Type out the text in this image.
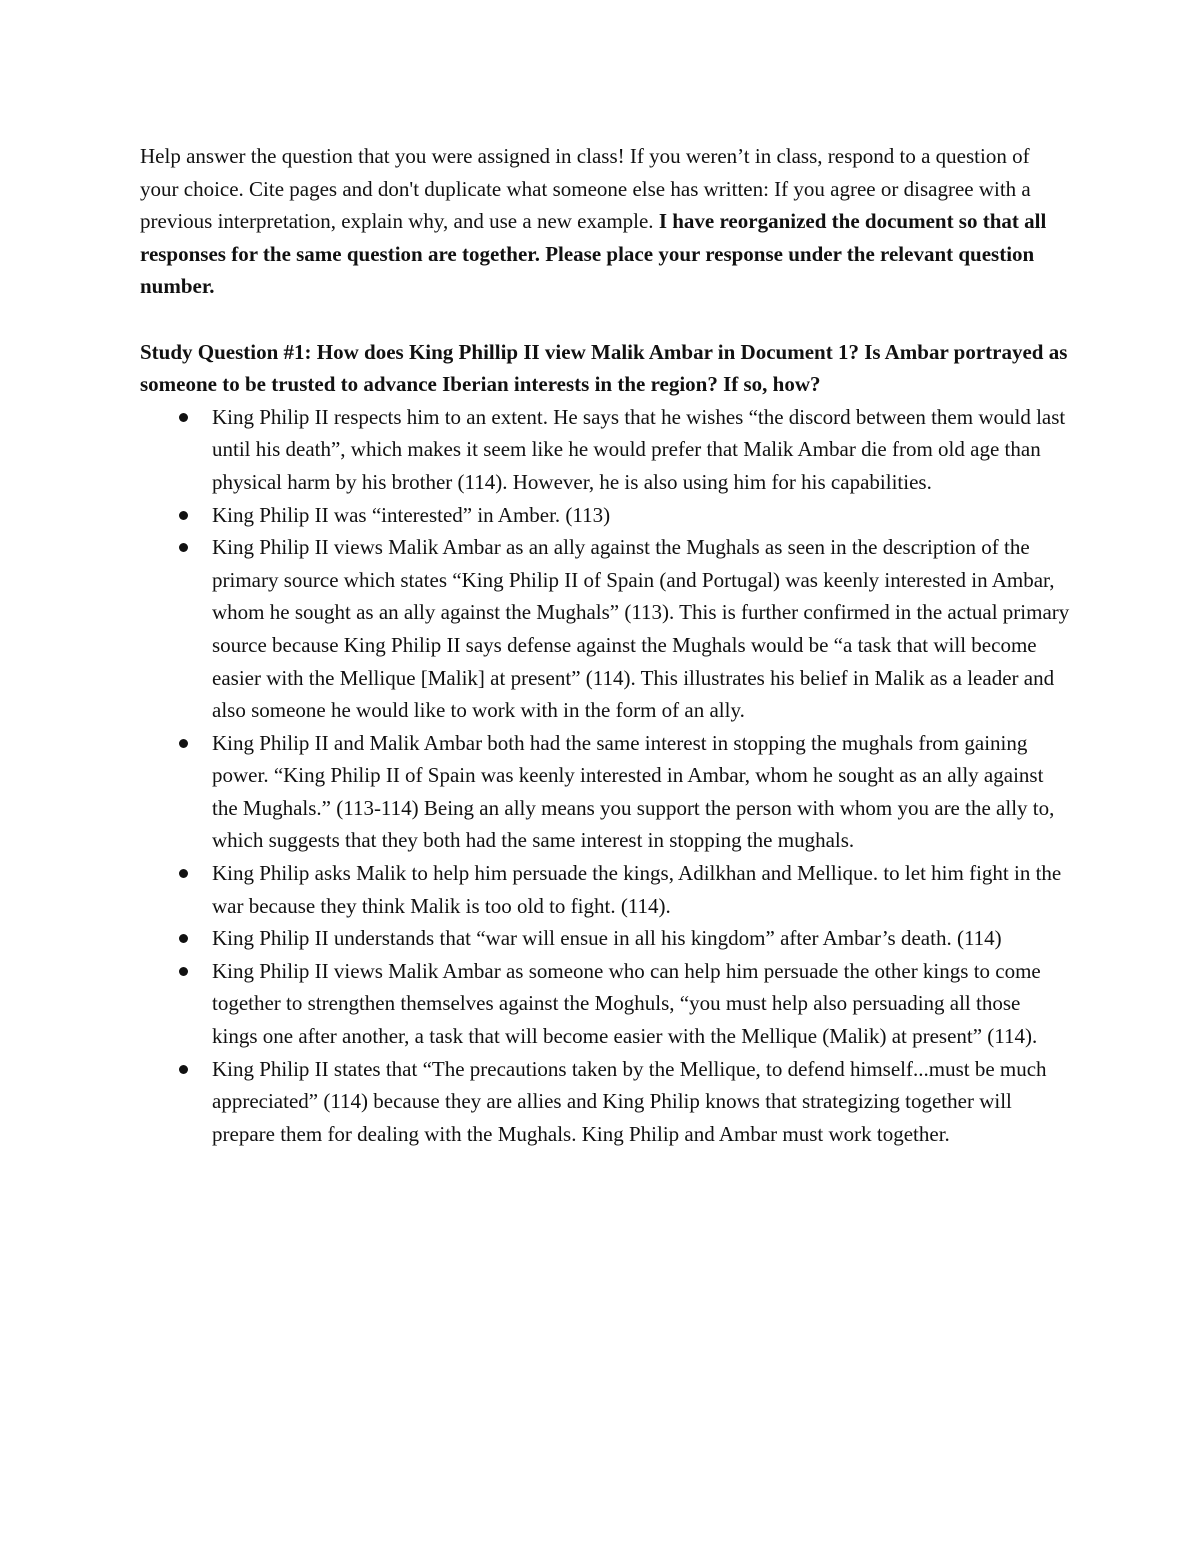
Help answer the question that you were assigned in class! If you weren’t in class, respond to a question of your choice. Cite pages and don't duplicate what someone else has written: If you agree or disagree with a previous interpretation, explain why, and use a new example. I have reorganized the document so that all responses for the same question are together. Please place your response under the relevant question number.

Study Question #1: How does King Phillip II view Malik Ambar in Document 1? Is Ambar portrayed as someone to be trusted to advance Iberian interests in the region? If so, how?

King Philip II respects him to an extent. He says that he wishes “the discord between them would last until his death”, which makes it seem like he would prefer that Malik Ambar die from old age than physical harm by his brother (114). However, he is also using him for his capabilities.
King Philip II was “interested” in Amber. (113)
King Philip II views Malik Ambar as an ally against the Mughals as seen in the description of the primary source which states “King Philip II of Spain (and Portugal) was keenly interested in Ambar, whom he sought as an ally against the Mughals” (113). This is further confirmed in the actual primary source because King Philip II says defense against the Mughals would be “a task that will become easier with the Mellique [Malik] at present” (114). This illustrates his belief in Malik as a leader and also someone he would like to work with in the form of an ally.
King Philip II and Malik Ambar both had the same interest in stopping the mughals from gaining power. “King Philip II of Spain was keenly interested in Ambar, whom he sought as an ally against the Mughals.” (113-114) Being an ally means you support the person with whom you are the ally to, which suggests that they both had the same interest in stopping the mughals.
King Philip asks Malik to help him persuade the kings, Adilkhan and Mellique. to let him fight in the war because they think Malik is too old to fight. (114).
King Philip II understands that “war will ensue in all his kingdom” after Ambar’s death. (114)
King Philip II views Malik Ambar as someone who can help him persuade the other kings to come together to strengthen themselves against the Moghuls, “you must help also persuading all those kings one after another, a task that will become easier with the Mellique (Malik) at present” (114).
King Philip II states that “The precautions taken by the Mellique, to defend himself...must be much appreciated” (114) because they are allies and King Philip knows that strategizing together will prepare them for dealing with the Mughals. King Philip and Ambar must work together.
